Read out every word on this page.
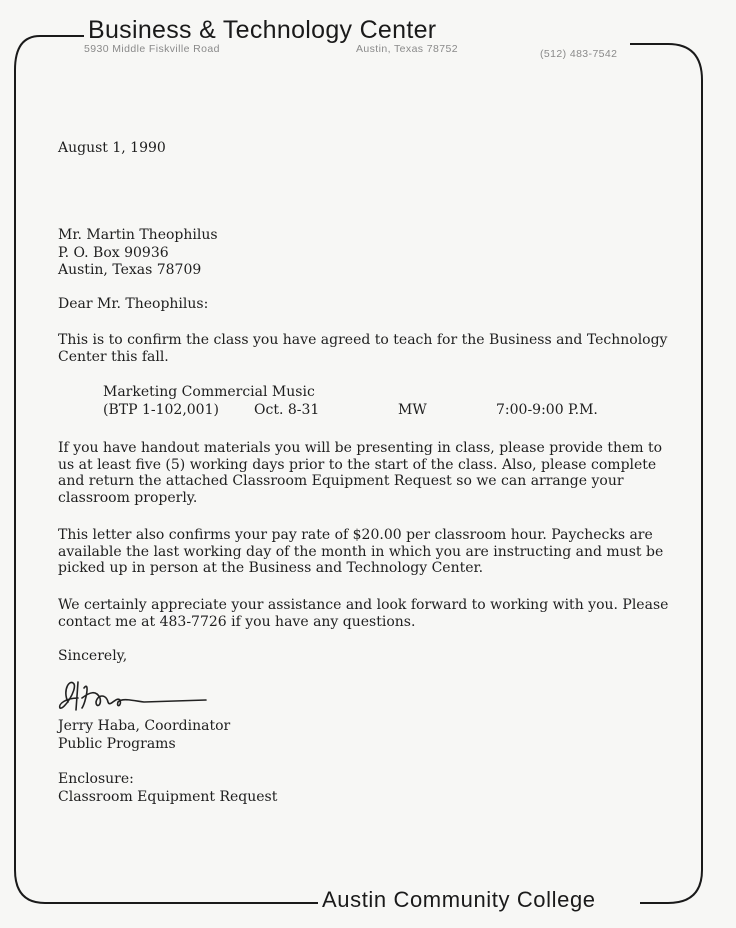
Business & Technology Center
5930 Middle Fiskville Road	Austin, Texas 78752	(512) 483-7542
August 1, 1990
Mr. Martin Theophilus
P. O. Box 90936
Austin, Texas 78709
Dear Mr. Theophilus:
This is to confirm the class you have agreed to teach for the Business and Technology
Center this fall.
Marketing Commercial Music
(BTP 1-102,001)	Oct. 8-31	MW	7:00-9:00 P.M.
If you have handout materials you will be presenting in class, please provide them to
us at least five (5) working days prior to the start of the class. Also, please complete
and return the attached Classroom Equipment Request so we can arrange your
classroom properly.
This letter also confirms your pay rate of $20.00 per classroom hour. Paychecks are
available the last working day of the month in which you are instructing and must be
picked up in person at the Business and Technology Center.
We certainly appreciate your assistance and look forward to working with you. Please
contact me at 483-7726 if you have any questions.
Sincerely,
Jerry Haba, Coordinator
Public Programs
Enclosure:
Classroom Equipment Request
Austin Community College
